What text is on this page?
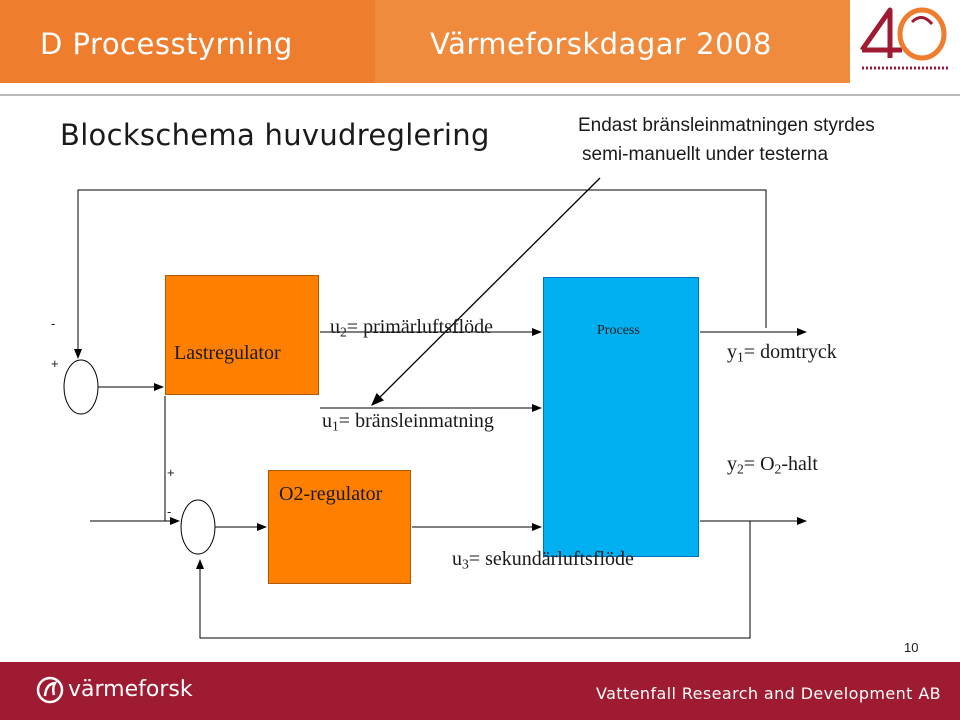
D Processtyrning	Värmeforskdagar 2008
Blockschema huvudreglering	Endast bränsleinmatningen styrdes
semi-manuellt under testerna
Lastregulator
O2-regulator
Process
$u_2=$ primärluftsflöde
$u_1=$ bränsleinmatning
$u_3=$ sekundärluftsflöde
$y_1=$ domtryck
$y_2=$ $O_2$-halt
-
+
+
-
10
värmeforsk	Vattenfall Research and Development AB
